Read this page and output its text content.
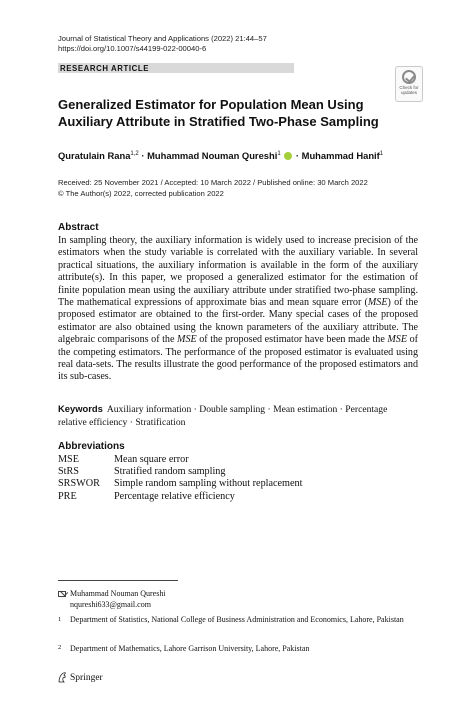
Journal of Statistical Theory and Applications (2022) 21:44–57
https://doi.org/10.1007/s44199-022-00040-6
RESEARCH ARTICLE
Check for
updates
Generalized Estimator for Population Mean Using Auxiliary Attribute in Stratified Two-Phase Sampling
Quratulain Rana$^{1,2}$ · Muhammad Nouman Qureshi$^1$  · Muhammad Hanif$^1$
Received: 25 November 2021 / Accepted: 10 March 2022 / Published online: 30 March 2022
© The Author(s) 2022, corrected publication 2022
Abstract
In sampling theory, the auxiliary information is widely used to increase precision of the estimators when the study variable is correlated with the auxiliary variable. In several practical situations, the auxiliary information is available in the form of the auxiliary attribute(s). In this paper, we proposed a generalized estimator for the estimation of finite population mean using the auxiliary attribute under stratified two-phase sampling. The mathematical expressions of approximate bias and mean square error (MSE) of the proposed estimator are obtained to the first-order. Many special cases of the proposed estimator are also obtained using the known parameters of the auxiliary attribute. The algebraic comparisons of the MSE of the proposed estimator have been made the MSE of the competing estimators. The performance of the proposed estimator is evaluated using real data-sets. The results illustrate the good performance of the proposed estimators and its sub-cases.
Keywords Auxiliary information · Double sampling · Mean estimation · Percentage relative efficiency · Stratification
Abbreviations
MSE	Mean square error
StRS	Stratified random sampling
SRSWOR	Simple random sampling without replacement
PRE	Percentage relative efficiency
Muhammad Nouman Qureshi
nqureshi633@gmail.com
1 Department of Statistics, National College of Business Administration and Economics, Lahore, Pakistan
2 Department of Mathematics, Lahore Garrison University, Lahore, Pakistan
Springer
